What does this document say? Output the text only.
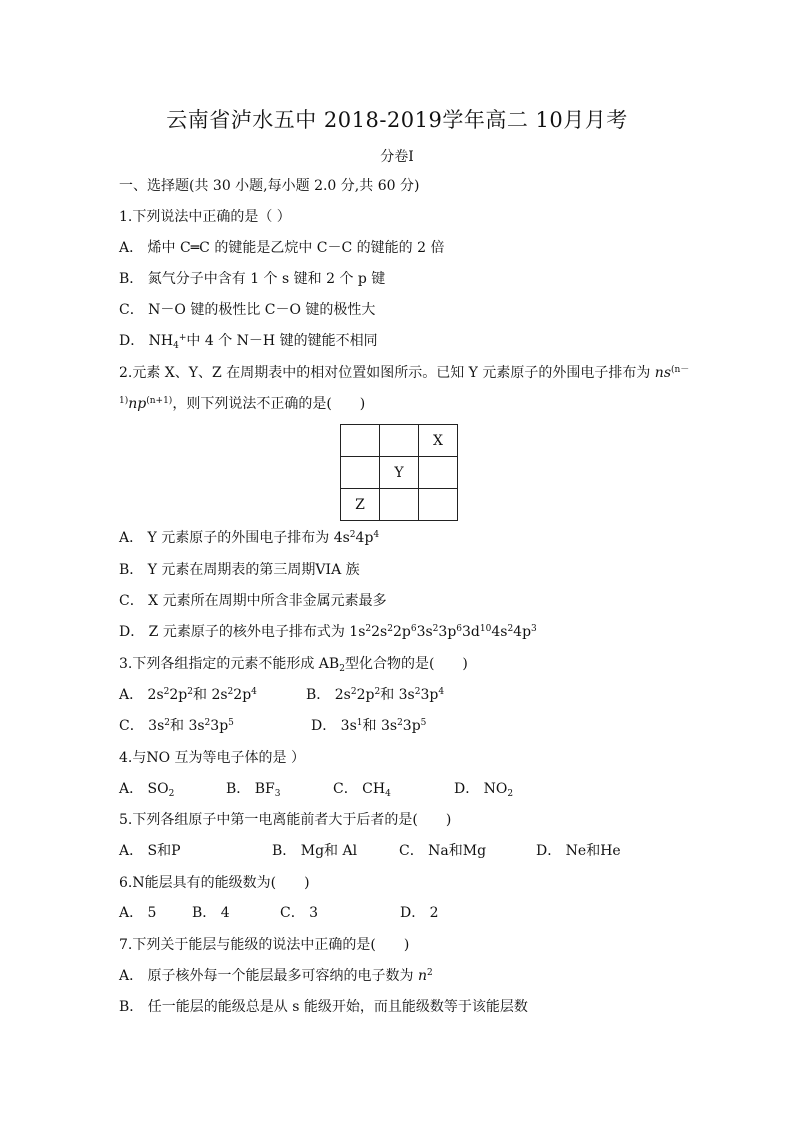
云南省泸水五中 2018-2019学年高二 10月月考
分卷I
一、选择题(共 30 小题,每小题 2.0 分,共 60 分)
1.下列说法中正确的是（ ）
A． 烯中 C═C 的键能是乙烷中 C－C 的键能的 2 倍
B． 氮气分子中含有 1 个 s 键和 2 个 p 键
C． N－O 键的极性比 C－O 键的极性大
D． $NH_4^+$中 4 个 N－H 键的键能不相同
2.元素 X、Y、Z 在周期表中的相对位置如图所示。已知 Y 元素原子的外围电子排布为 $ns^{(n-}$
$^{1)}np^{(n+1)}$，则下列说法不正确的是(　　)
		X
	Y	
Z		
A． Y 元素原子的外围电子排布为 $4s^24p^4$
B． Y 元素在周期表的第三周期VIA 族
C． X 元素所在周期中所含非金属元素最多
D． Z 元素原子的核外电子排布式为 $1s^22s^22p^63s^23p^63d^{10}4s^24p^3$
3.下列各组指定的元素不能形成 $AB_2$型化合物的是(　　)
A． $2s^22p^2$和 $2s^22p^4$	B． $2s^22p^2$和 $3s^23p^4$
C． $3s^2$和 $3s^23p^5$	D． $3s^1$和 $3s^23p^5$
4.与NO 互为等电子体的是 ）
A． $SO_2$	B． $BF_3$	C． $CH_4$	D． $NO_2$
5.下列各组原子中第一电离能前者大于后者的是(　　)
A． S和P	B． Mg和 Al	C． Na和Mg	D． Ne和He
6.N能层具有的能级数为(　　)
A． 5	B． 4	C． 3	D． 2
7.下列关于能层与能级的说法中正确的是(　　)
A． 原子核外每一个能层最多可容纳的电子数为 $n^2$
B． 任一能层的能级总是从 s 能级开始，而且能级数等于该能层数
